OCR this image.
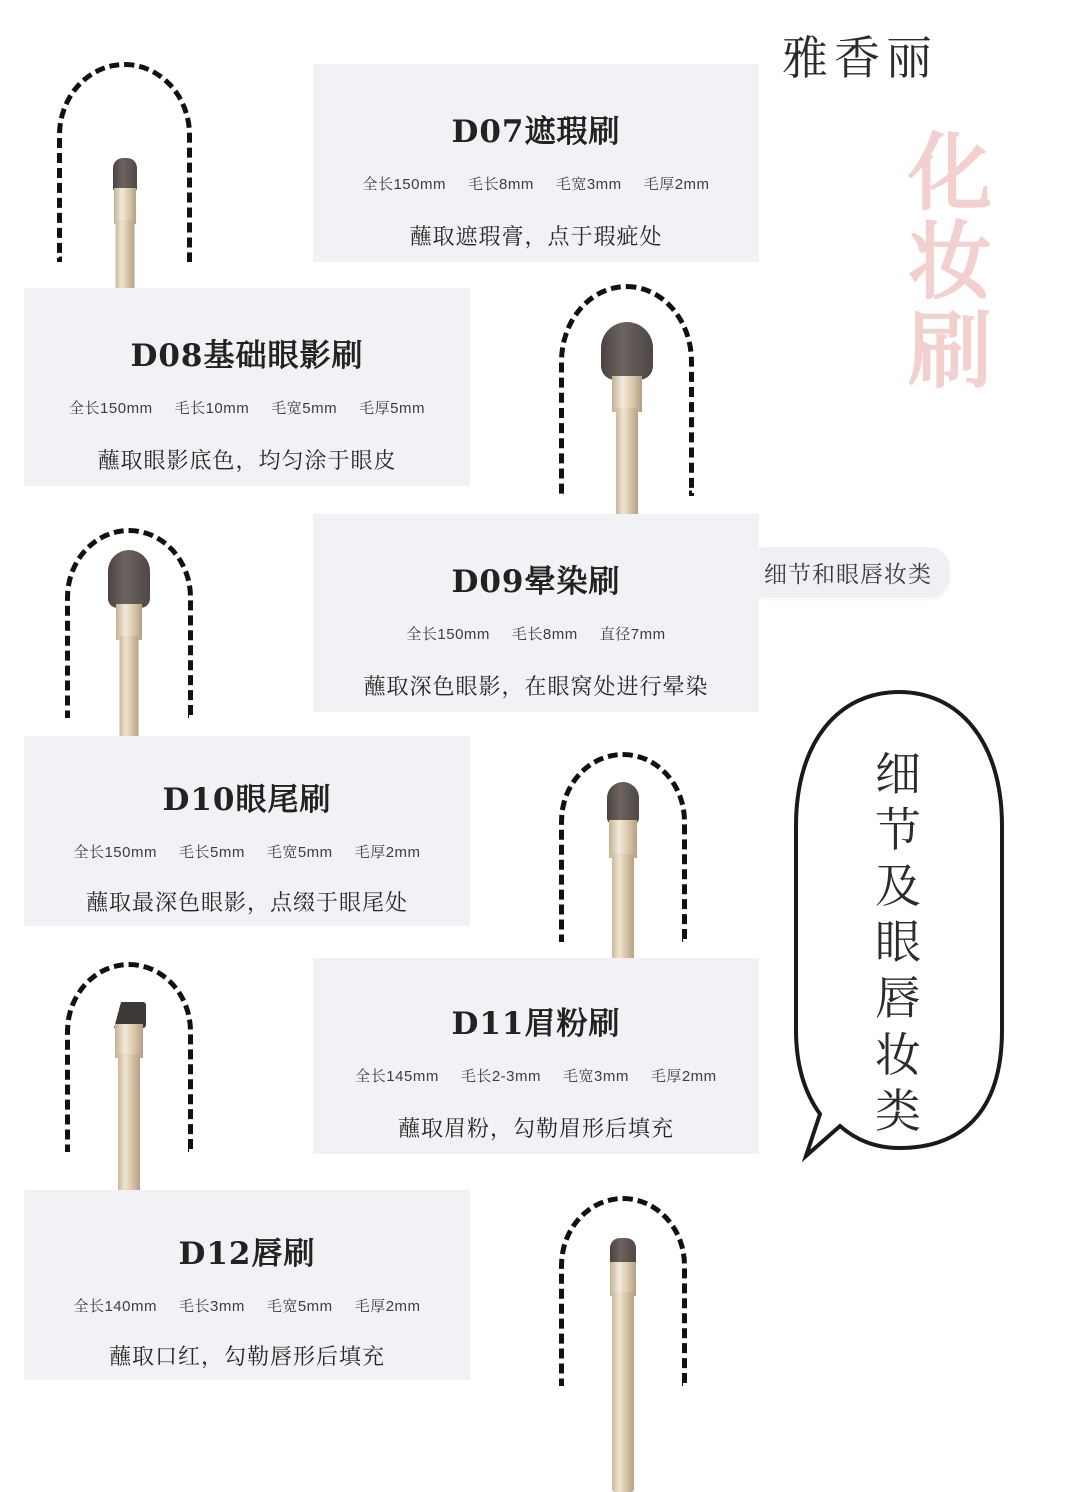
雅香丽
化
妆
刷
细节和眼唇妆类
细
节
及
眼
唇
妆
类
D07遮瑕刷
全长150mm 毛长8mm 毛宽3mm 毛厚2mm
蘸取遮瑕膏，点于瑕疵处
D08基础眼影刷
全长150mm 毛长10mm 毛宽5mm 毛厚5mm
蘸取眼影底色，均匀涂于眼皮
D09晕染刷
全长150mm 毛长8mm 直径7mm
蘸取深色眼影，在眼窝处进行晕染
D10眼尾刷
全长150mm 毛长5mm 毛宽5mm 毛厚2mm
蘸取最深色眼影，点缀于眼尾处
D11眉粉刷
全长145mm 毛长2-3mm 毛宽3mm 毛厚2mm
蘸取眉粉，勾勒眉形后填充
D12唇刷
全长140mm 毛长3mm 毛宽5mm 毛厚2mm
蘸取口红，勾勒唇形后填充
